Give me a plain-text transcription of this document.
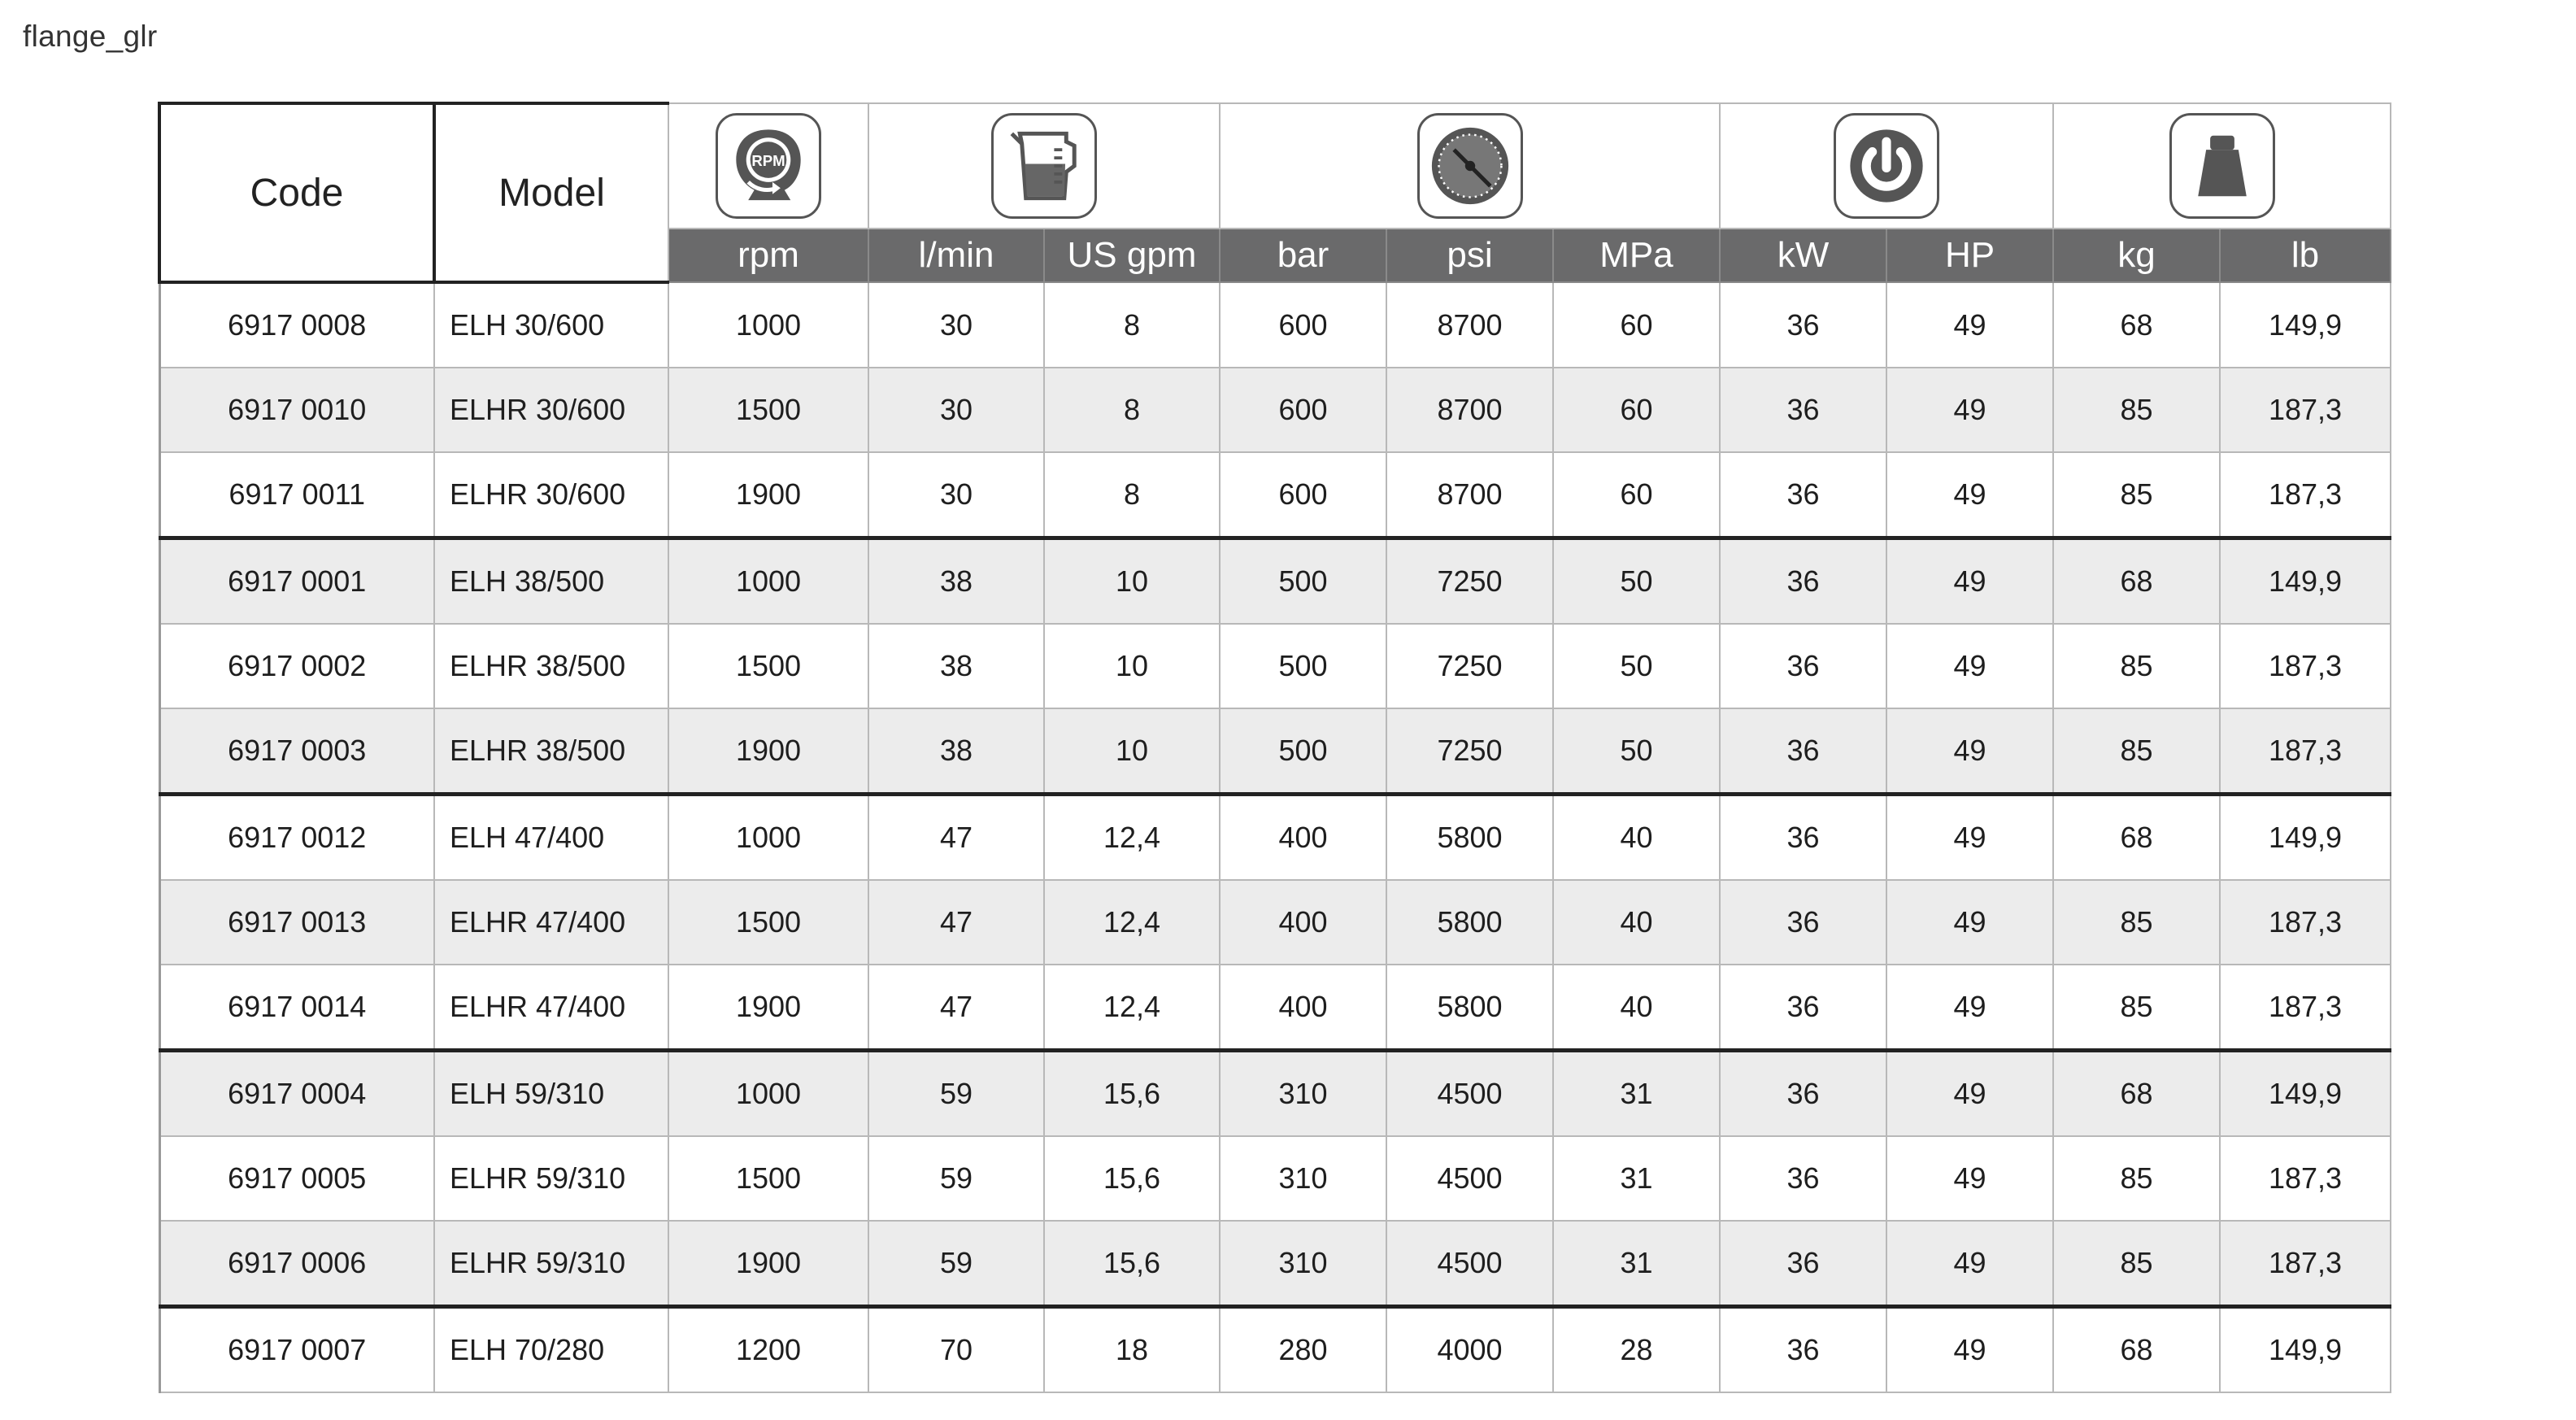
flange_glr
Code	Model	RPM

		rpm	l/min	US gpm	bar	psi	MPa	kW	HP	kg	lb
6917 0008	ELH 30/600	1000	30	8	600	8700	60	36	49	68	149,9
6917 0010	ELHR 30/600	1500	30	8	600	8700	60	36	49	85	187,3
6917 0011	ELHR 30/600	1900	30	8	600	8700	60	36	49	85	187,3
6917 0001	ELH 38/500	1000	38	10	500	7250	50	36	49	68	149,9
6917 0002	ELHR 38/500	1500	38	10	500	7250	50	36	49	85	187,3
6917 0003	ELHR 38/500	1900	38	10	500	7250	50	36	49	85	187,3
6917 0012	ELH 47/400	1000	47	12,4	400	5800	40	36	49	68	149,9
6917 0013	ELHR 47/400	1500	47	12,4	400	5800	40	36	49	85	187,3
6917 0014	ELHR 47/400	1900	47	12,4	400	5800	40	36	49	85	187,3
6917 0004	ELH 59/310	1000	59	15,6	310	4500	31	36	49	68	149,9
6917 0005	ELHR 59/310	1500	59	15,6	310	4500	31	36	49	85	187,3
6917 0006	ELHR 59/310	1900	59	15,6	310	4500	31	36	49	85	187,3
6917 0007	ELH 70/280	1200	70	18	280	4000	28	36	49	68	149,9
